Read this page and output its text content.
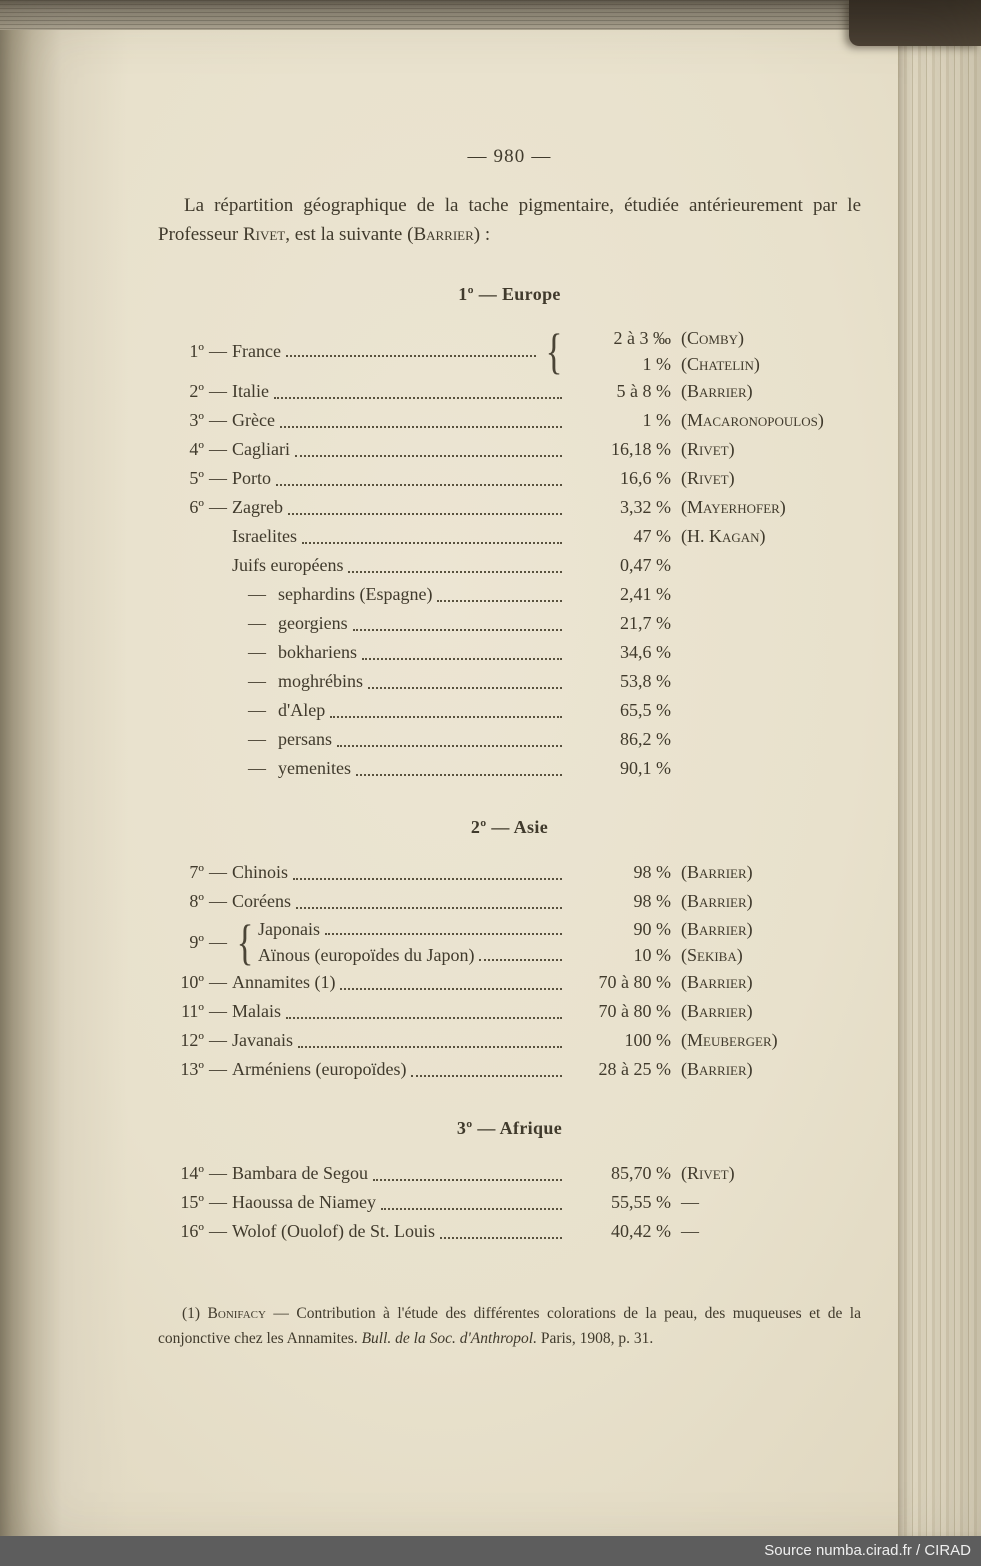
— 980 —

La répartition géographique de la tache pigmentaire, étudiée antérieurement par le Professeur Rivet, est la suivante (Barrier) :

1º — Europe
1º — France	{	2 à 3 ‰ (Comby)
1 % (Chatelin)
2º — Italie	5 à 8 % (Barrier)
3º — Grèce	1 % (Macaronopoulos)
4º — Cagliari	16,18 % (Rivet)
5º — Porto	16,6 % (Rivet)
6º — Zagreb	3,32 % (Mayerhofer)
Israelites	47 % (H. Kagan)
Juifs européens	0,47 %
— sephardins (Espagne)	2,41 %
— georgiens	21,7 %
— bokhariens	34,6 %
— moghrébins	53,8 %
— d'Alep	65,5 %
— persans	86,2 %
— yemenites	90,1 %
2º — Asie
7º — Chinois	98 % (Barrier)
8º — Coréens	98 % (Barrier)
9º — { Japonais	90 % (Barrier)
Aïnous (europoïdes du Japon)	10 % (Sekiba)
10º — Annamites (1)	70 à 80 % (Barrier)
11º — Malais	70 à 80 % (Barrier)
12º — Javanais	100 % (Meuberger)
13º — Arméniens (europoïdes)	28 à 25 % (Barrier)
3º — Afrique
14º — Bambara de Segou	85,70 % (Rivet)
15º — Haoussa de Niamey	55,55 % —
16º — Wolof (Ouolof) de St. Louis	40,42 % —

(1) Bonifacy — Contribution à l'étude des différentes colorations de la peau, des muqueuses et de la conjonctive chez les Annamites. Bull. de la Soc. d'Anthropol. Paris, 1908, p. 31.

Source numba.cirad.fr / CIRAD
